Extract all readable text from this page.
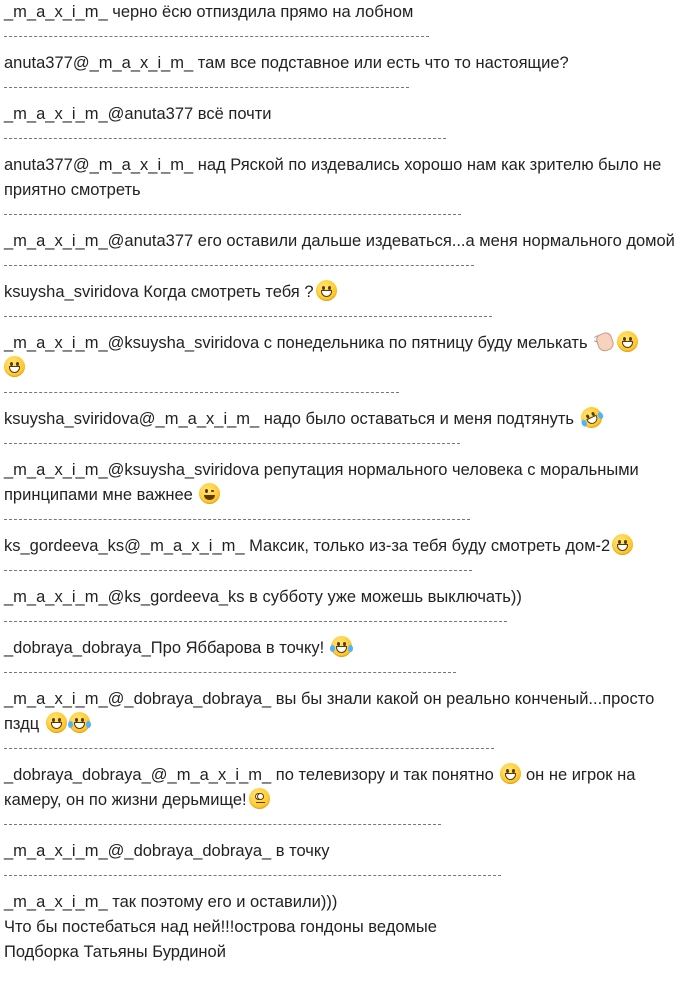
_m_a_x_i_m_ черно ёсю отпиздила прямо на лобном

anuta377@_m_a_x_i_m_ там все подставное или есть что то настоящие?

_m_a_x_i_m_@anuta377 всё почти

anuta377@_m_a_x_i_m_ над Ряской по издевались хорошо нам как зрителю было не приятно смотреть

_m_a_x_i_m_@anuta377 его оставили дальше издеваться...а меня нормального домой

ksuysha_sviridova Когда смотреть тебя ?

_m_a_x_i_m_@ksuysha_sviridova с понедельника по пятницу буду мелькать

ksuysha_sviridova@_m_a_x_i_m_ надо было оставаться и меня подтянуть

_m_a_x_i_m_@ksuysha_sviridova репутация нормального человека с моральными принципами мне важнее

ks_gordeeva_ks@_m_a_x_i_m_ Максик, только из-за тебя буду смотреть дом-2

_m_a_x_i_m_@ks_gordeeva_ks в субботу уже можешь выключать))

_dobraya_dobraya_Про Яббарова в точку!

_m_a_x_i_m_@_dobraya_dobraya_ вы бы знали какой он реально конченый...просто пздц

_dobraya_dobraya_@_m_a_x_i_m_ по телевизору и так понятно
он не игрок на камеру, он по жизни дерьмище!

_m_a_x_i_m_@_dobraya_dobraya_ в точку

_m_a_x_i_m_ так поэтому его и оставили)))

Что бы постебаться над ней!!!острова гондоны ведомые

Подборка Татьяны Бурдиной
